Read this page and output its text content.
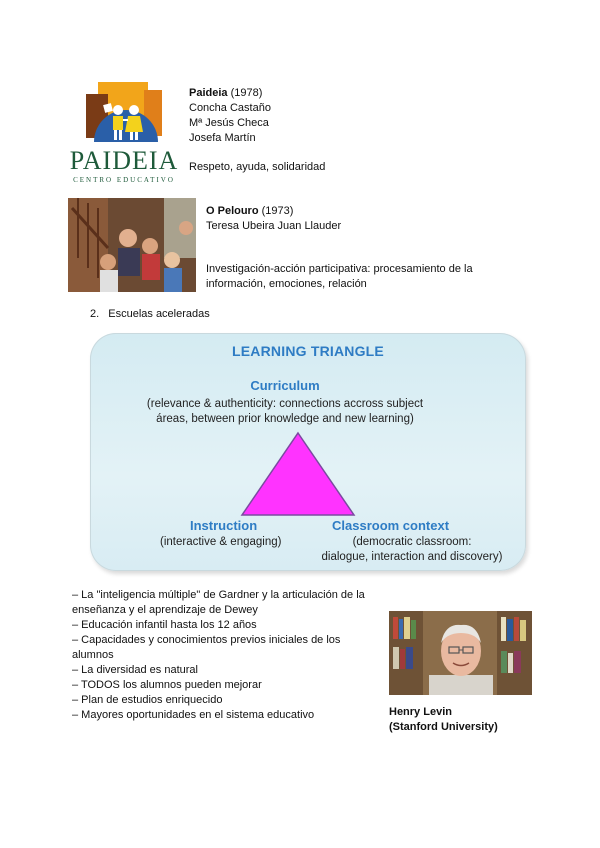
PAIDEIA
CENTRO EDUCATIVO
Paideia (1978)
Concha Castaño
Mª Jesús Checa
Josefa Martín
Respeto, ayuda, solidaridad
O Pelouro (1973)
Teresa Ubeira Juan Llauder
Investigación-acción participativa: procesamiento de la
información, emociones, relación
2. Escuelas aceleradas
LEARNING TRIANGLE
Curriculum
(relevance & authenticity: connections accross subject
áreas, between prior knowledge and new learning)
Instruction
(interactive & engaging)
Classroom context
(democratic classroom:
dialogue, interaction and discovery)
– La "inteligencia múltiple" de Gardner y la articulación de la
enseñanza y el aprendizaje de Dewey
– Educación infantil hasta los 12 años
– Capacidades y conocimientos previos iniciales de los
alumnos
– La diversidad es natural
– TODOS los alumnos pueden mejorar
– Plan de estudios enriquecido
– Mayores oportunidades en el sistema educativo	Henry Levin
(Stanford University)
